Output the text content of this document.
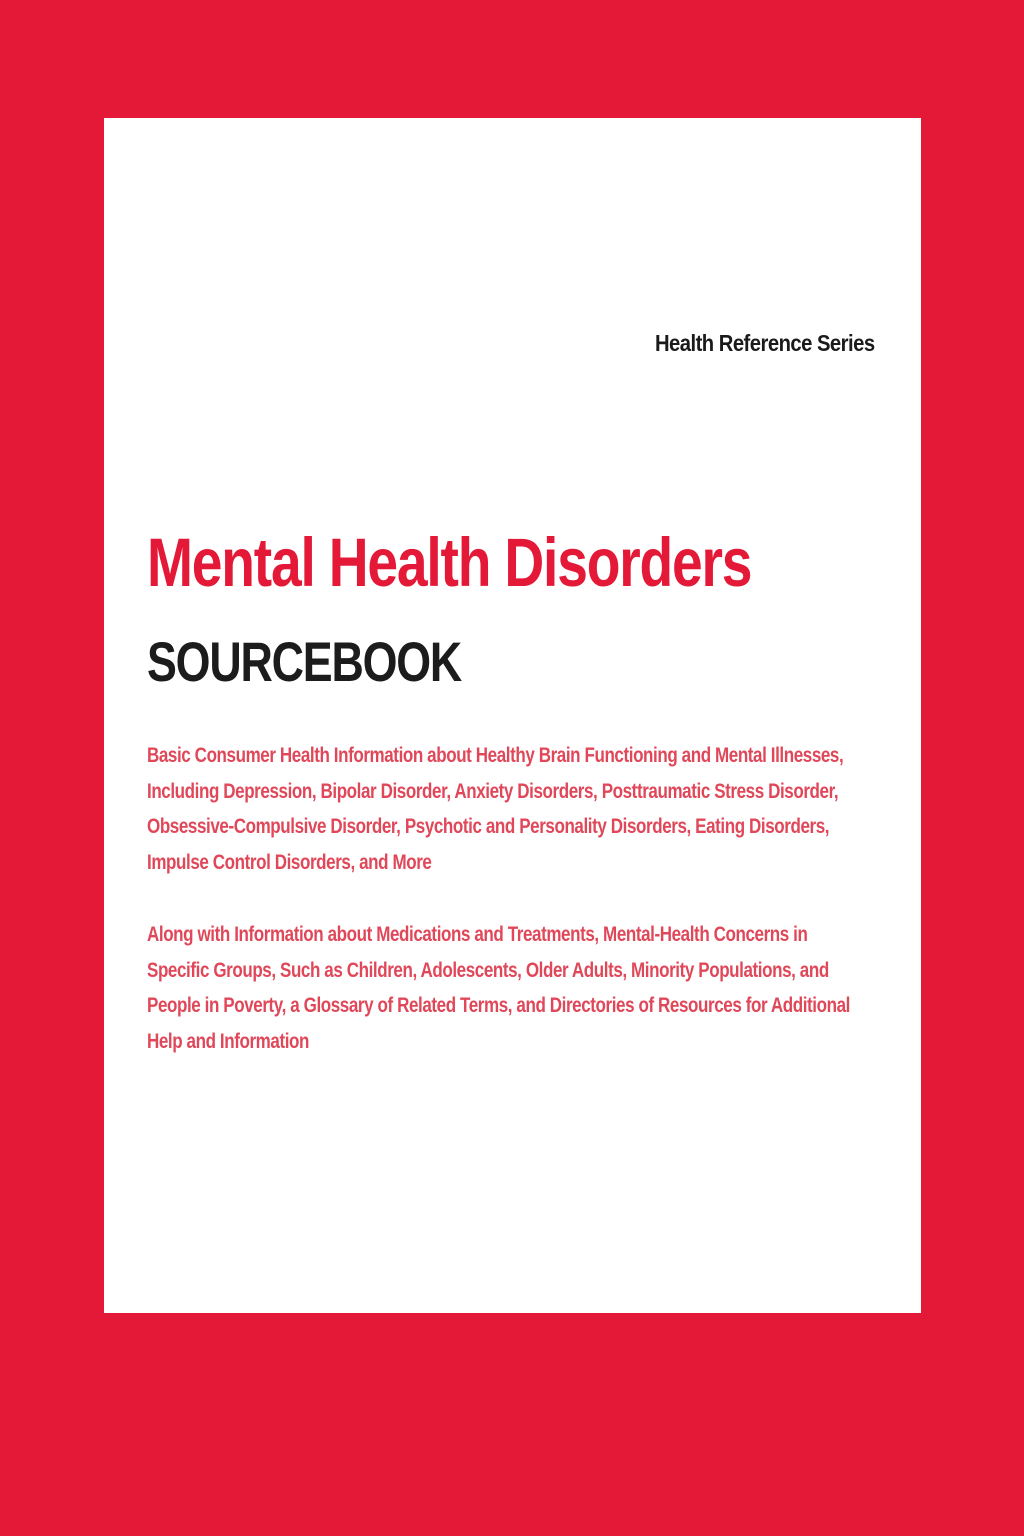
Health Reference Series

Mental Health Disorders
SOURCEBOOK

Basic Consumer Health Information about Healthy Brain Functioning and Mental Illnesses,
Including Depression, Bipolar Disorder, Anxiety Disorders, Posttraumatic Stress Disorder,
Obsessive-Compulsive Disorder, Psychotic and Personality Disorders, Eating Disorders,
Impulse Control Disorders, and More

Along with Information about Medications and Treatments, Mental-Health Concerns in
Specific Groups, Such as Children, Adolescents, Older Adults, Minority Populations, and
People in Poverty, a Glossary of Related Terms, and Directories of Resources for Additional
Help and Information
